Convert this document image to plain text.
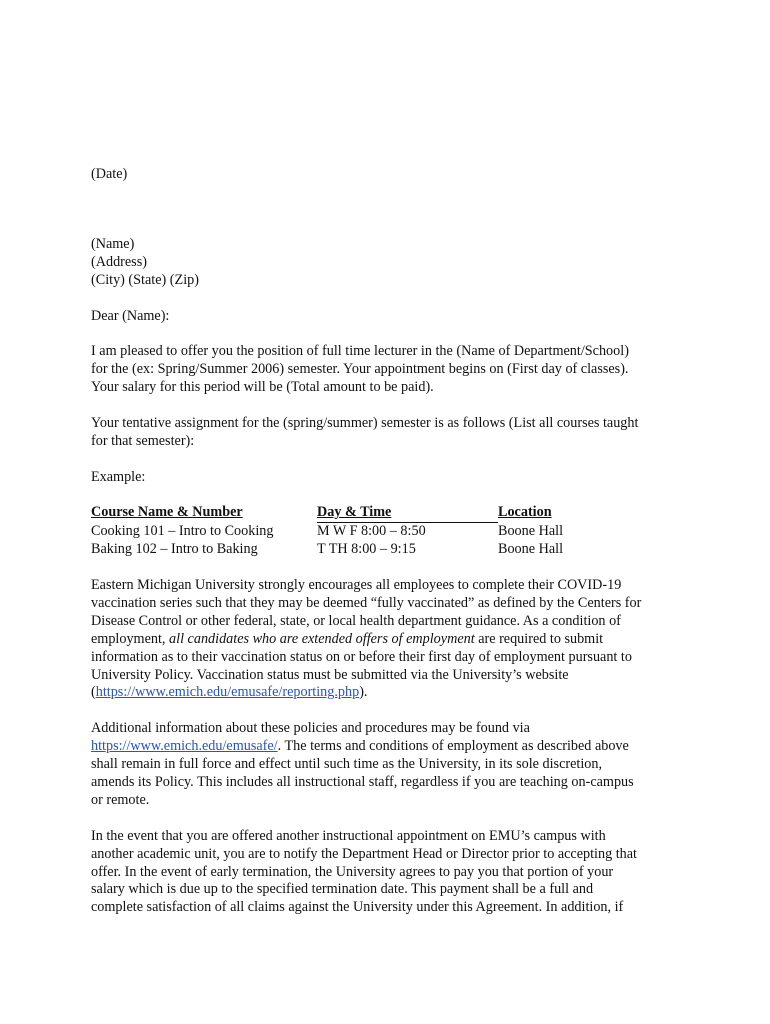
(Date)

(Name)

(Address)

(City) (State) (Zip)

Dear (Name):

I am pleased to offer you the position of full time lecturer in the (Name of Department/School)

for the (ex: Spring/Summer 2006) semester. Your appointment begins on (First day of classes).

Your salary for this period will be (Total amount to be paid).

Your tentative assignment for the (spring/summer) semester is as follows (List all courses taught

for that semester):

Example:

Course Name & Number	Day & Time	Location
Cooking 101 – Intro to Cooking	M W F 8:00 – 8:50	Boone Hall
Baking 102 – Intro to Baking	T TH 8:00 – 9:15	Boone Hall

Eastern Michigan University strongly encourages all employees to complete their COVID-19

vaccination series such that they may be deemed “fully vaccinated” as defined by the Centers for

Disease Control or other federal, state, or local health department guidance. As a condition of

employment, all candidates who are extended offers of employment are required to submit

information as to their vaccination status on or before their first day of employment pursuant to

University Policy. Vaccination status must be submitted via the University’s website

(https://www.emich.edu/emusafe/reporting.php).

Additional information about these policies and procedures may be found via

https://www.emich.edu/emusafe/. The terms and conditions of employment as described above

shall remain in full force and effect until such time as the University, in its sole discretion,

amends its Policy. This includes all instructional staff, regardless if you are teaching on-campus

or remote.

In the event that you are offered another instructional appointment on EMU’s campus with

another academic unit, you are to notify the Department Head or Director prior to accepting that

offer. In the event of early termination, the University agrees to pay you that portion of your

salary which is due up to the specified termination date. This payment shall be a full and

complete satisfaction of all claims against the University under this Agreement. In addition, if
